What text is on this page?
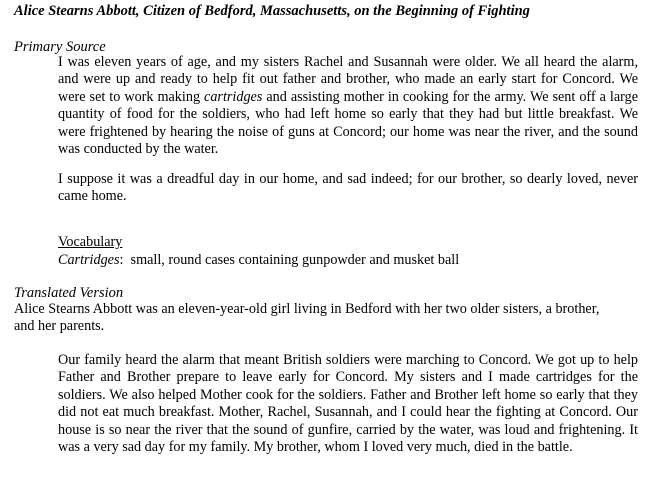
Alice Stearns Abbott, Citizen of Bedford, Massachusetts, on the Beginning of Fighting
Primary Source
I was eleven years of age, and my sisters Rachel and Susannah were older. We all heard the alarm, and were up and ready to help fit out father and brother, who made an early start for Concord. We were set to work making cartridges and assisting mother in cooking for the army. We sent off a large quantity of food for the soldiers, who had left home so early that they had but little breakfast. We were frightened by hearing the noise of guns at Concord; our home was near the river, and the sound was conducted by the water.
I suppose it was a dreadful day in our home, and sad indeed; for our brother, so dearly loved, never came home.
Vocabulary
Cartridges:  small, round cases containing gunpowder and musket ball
Translated Version
Alice Stearns Abbott was an eleven-year-old girl living in Bedford with her two older sisters, a brother, and her parents.
Our family heard the alarm that meant British soldiers were marching to Concord. We got up to help Father and Brother prepare to leave early for Concord. My sisters and I made cartridges for the soldiers. We also helped Mother cook for the soldiers. Father and Brother left home so early that they did not eat much breakfast. Mother, Rachel, Susannah, and I could hear the fighting at Concord. Our house is so near the river that the sound of gunfire, carried by the water, was loud and frightening. It was a very sad day for my family. My brother, whom I loved very much, died in the battle.
